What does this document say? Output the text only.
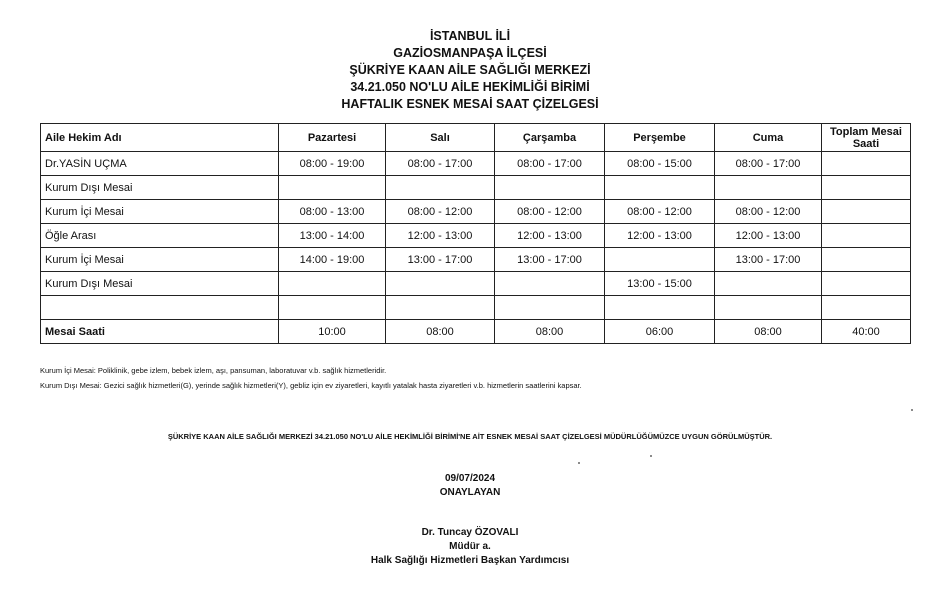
İSTANBUL İLİ
GAZİOSMANPAŞA İLÇESİ
ŞÜKRİYE KAAN AİLE SAĞLIĞI MERKEZİ
34.21.050 NO'LU AİLE HEKİMLİĞİ BİRİMİ
HAFTALIK ESNEK MESAİ SAAT ÇİZELGESİ
Aile Hekim Adı	Pazartesi	Salı	Çarşamba	Perşembe	Cuma	Toplam Mesai Saati
Dr.YASİN UÇMA	08:00 - 19:00	08:00 - 17:00	08:00 - 17:00	08:00 - 15:00	08:00 - 17:00	
Kurum Dışı Mesai						
Kurum İçi Mesai	08:00 - 13:00	08:00 - 12:00	08:00 - 12:00	08:00 - 12:00	08:00 - 12:00	
Öğle Arası	13:00 - 14:00	12:00 - 13:00	12:00 - 13:00	12:00 - 13:00	12:00 - 13:00	
Kurum İçi Mesai	14:00 - 19:00	13:00 - 17:00	13:00 - 17:00		13:00 - 17:00	
Kurum Dışı Mesai				13:00 - 15:00		

Mesai Saati	10:00	08:00	08:00	06:00	08:00	40:00
Kurum İçi Mesai: Poliklinik, gebe izlem, bebek izlem, aşı, pansuman, laboratuvar v.b. sağlık hizmetleridir.
Kurum Dışı Mesai: Gezici sağlık hizmetleri(G), yerinde sağlık hizmetleri(Y), gebliz için ev ziyaretleri, kayıtlı yatalak hasta ziyaretleri v.b. hizmetlerin saatlerini kapsar.
ŞÜKRİYE KAAN AİLE SAĞLIĞI MERKEZİ 34.21.050 NO'LU AİLE HEKİMLİĞİ BİRİMİ'NE AİT ESNEK MESAİ SAAT ÇİZELGESİ MÜDÜRLÜĞÜMÜZCE UYGUN GÖRÜLMÜŞTÜR.
09/07/2024
ONAYLAYAN
Dr. Tuncay ÖZOVALI
Müdür a.
Halk Sağlığı Hizmetleri Başkan Yardımcısı
